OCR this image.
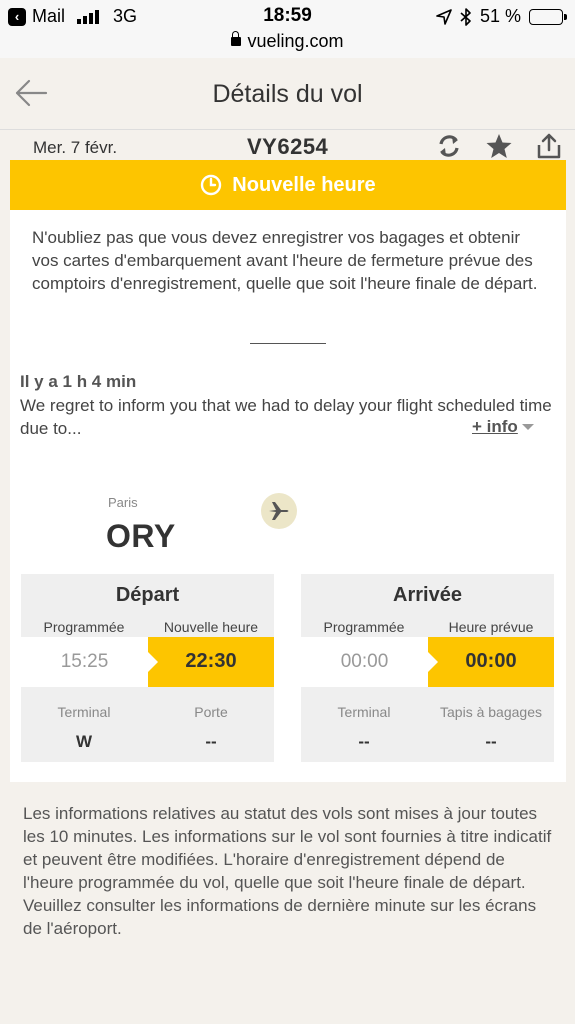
‹ Mail	3G	18:59	51 %
vueling.com
Détails du vol
Mer. 7 févr.	VY6254
Nouvelle heure

N'oubliez pas que vous devez enregistrer vos bagages et obtenir vos cartes d'embarquement avant l'heure de fermeture prévue des comptoirs d'enregistrement, quelle que soit l'heure finale de départ.

Il y a 1 h 4 min

We regret to inform you that we had to delay your flight scheduled time due to...	+ info
Paris
ORY
Départ
Programmée	Nouvelle heure
15:25	22:30
Terminal	Porte
W	--
Arrivée
Programmée	Heure prévue
00:00	00:00
Terminal	Tapis à bagages
--	--

Les informations relatives au statut des vols sont mises à jour toutes les 10 minutes. Les informations sur le vol sont fournies à titre indicatif et peuvent être modifiées. L'horaire d'enregistrement dépend de l'heure programmée du vol, quelle que soit l'heure finale de départ. Veuillez consulter les informations de dernière minute sur les écrans de l'aéroport.
